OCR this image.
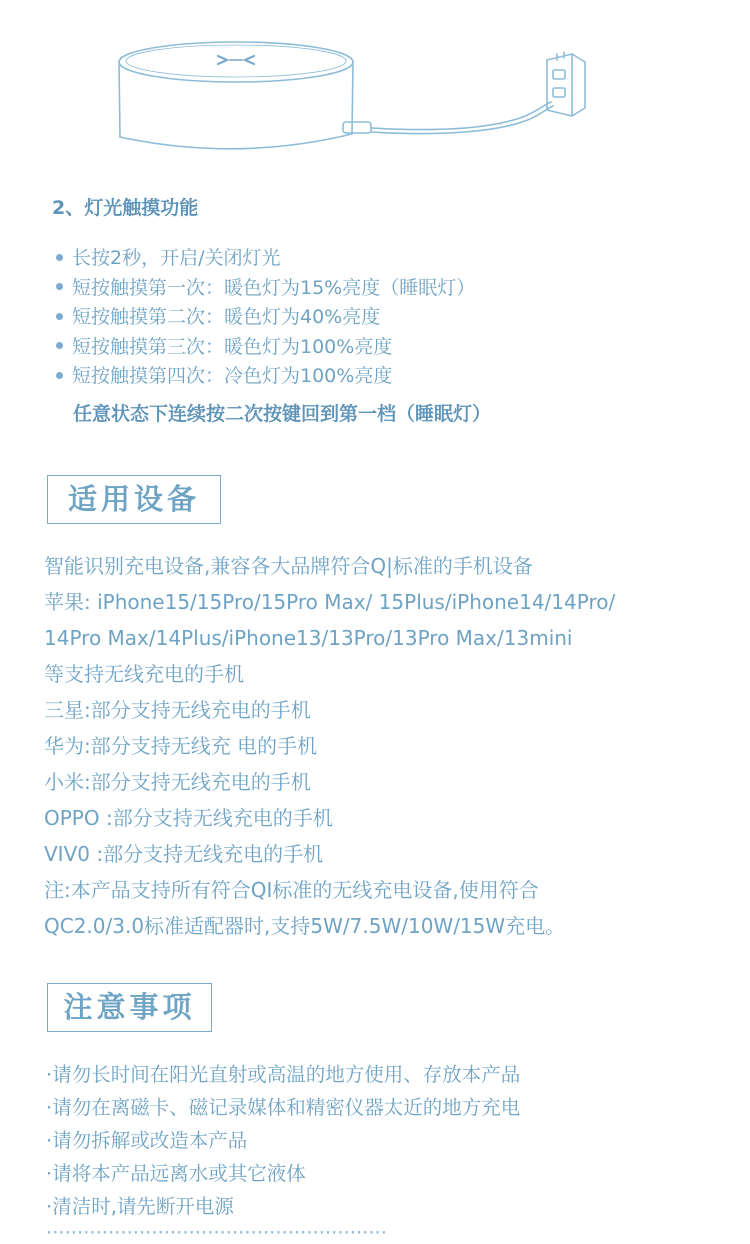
2、灯光触摸功能
长按2秒，开启/关闭灯光
短按触摸第一次：暖色灯为15%亮度（睡眠灯）
短按触摸第二次：暖色灯为40%亮度
短按触摸第三次：暖色灯为100%亮度
短按触摸第四次：冷色灯为100%亮度

任意状态下连续按二次按键回到第一档（睡眠灯）

适用设备
智能识别充电设备,兼容各大品牌符合Q|标准的手机设备
苹果: iPhone15/15Pro/15Pro Max/ 15Plus/iPhone14/14Pro/
14Pro Max/14Plus/iPhone13/13Pro/13Pro Max/13mini
等支持无线充电的手机
三星:部分支持无线充电的手机
华为:部分支持无线充 电的手机
小米:部分支持无线充电的手机
OPPO :部分支持无线充电的手机
VIV0 :部分支持无线充电的手机
注:本产品支持所有符合QI标准的无线充电设备,使用符合
QC2.0/3.0标准适配器时,支持5W/7.5W/10W/15W充电。
注意事项
·请勿长时间在阳光直射或高温的地方使用、存放本产品
·请勿在离磁卡、磁记录媒体和精密仪器太近的地方充电
·请勿拆解或改造本产品
·请将本产品远离水或其它液体
·清洁时,请先断开电源
·······················································
